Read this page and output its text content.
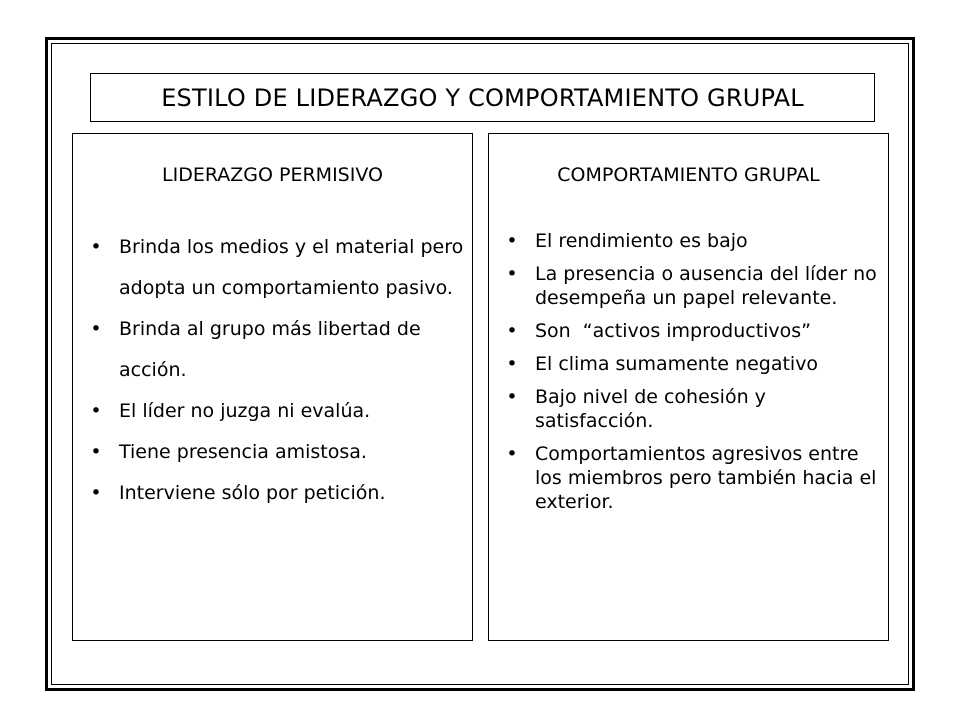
ESTILO DE LIDERAZGO Y COMPORTAMIENTO GRUPAL
LIDERAZGO PERMISIVO
• Brinda los medios y el material pero adopta un comportamiento pasivo.
• Brinda al grupo más libertad de acción.
• El líder no juzga ni evalúa.
• Tiene presencia amistosa.
• Interviene sólo por petición.
COMPORTAMIENTO GRUPAL
• El rendimiento es bajo
• La presencia o ausencia del líder no desempeña un papel relevante.
• Son  “activos improductivos”
• El clima sumamente negativo
• Bajo nivel de cohesión y satisfacción.
• Comportamientos agresivos entre los miembros pero también hacia el exterior.
